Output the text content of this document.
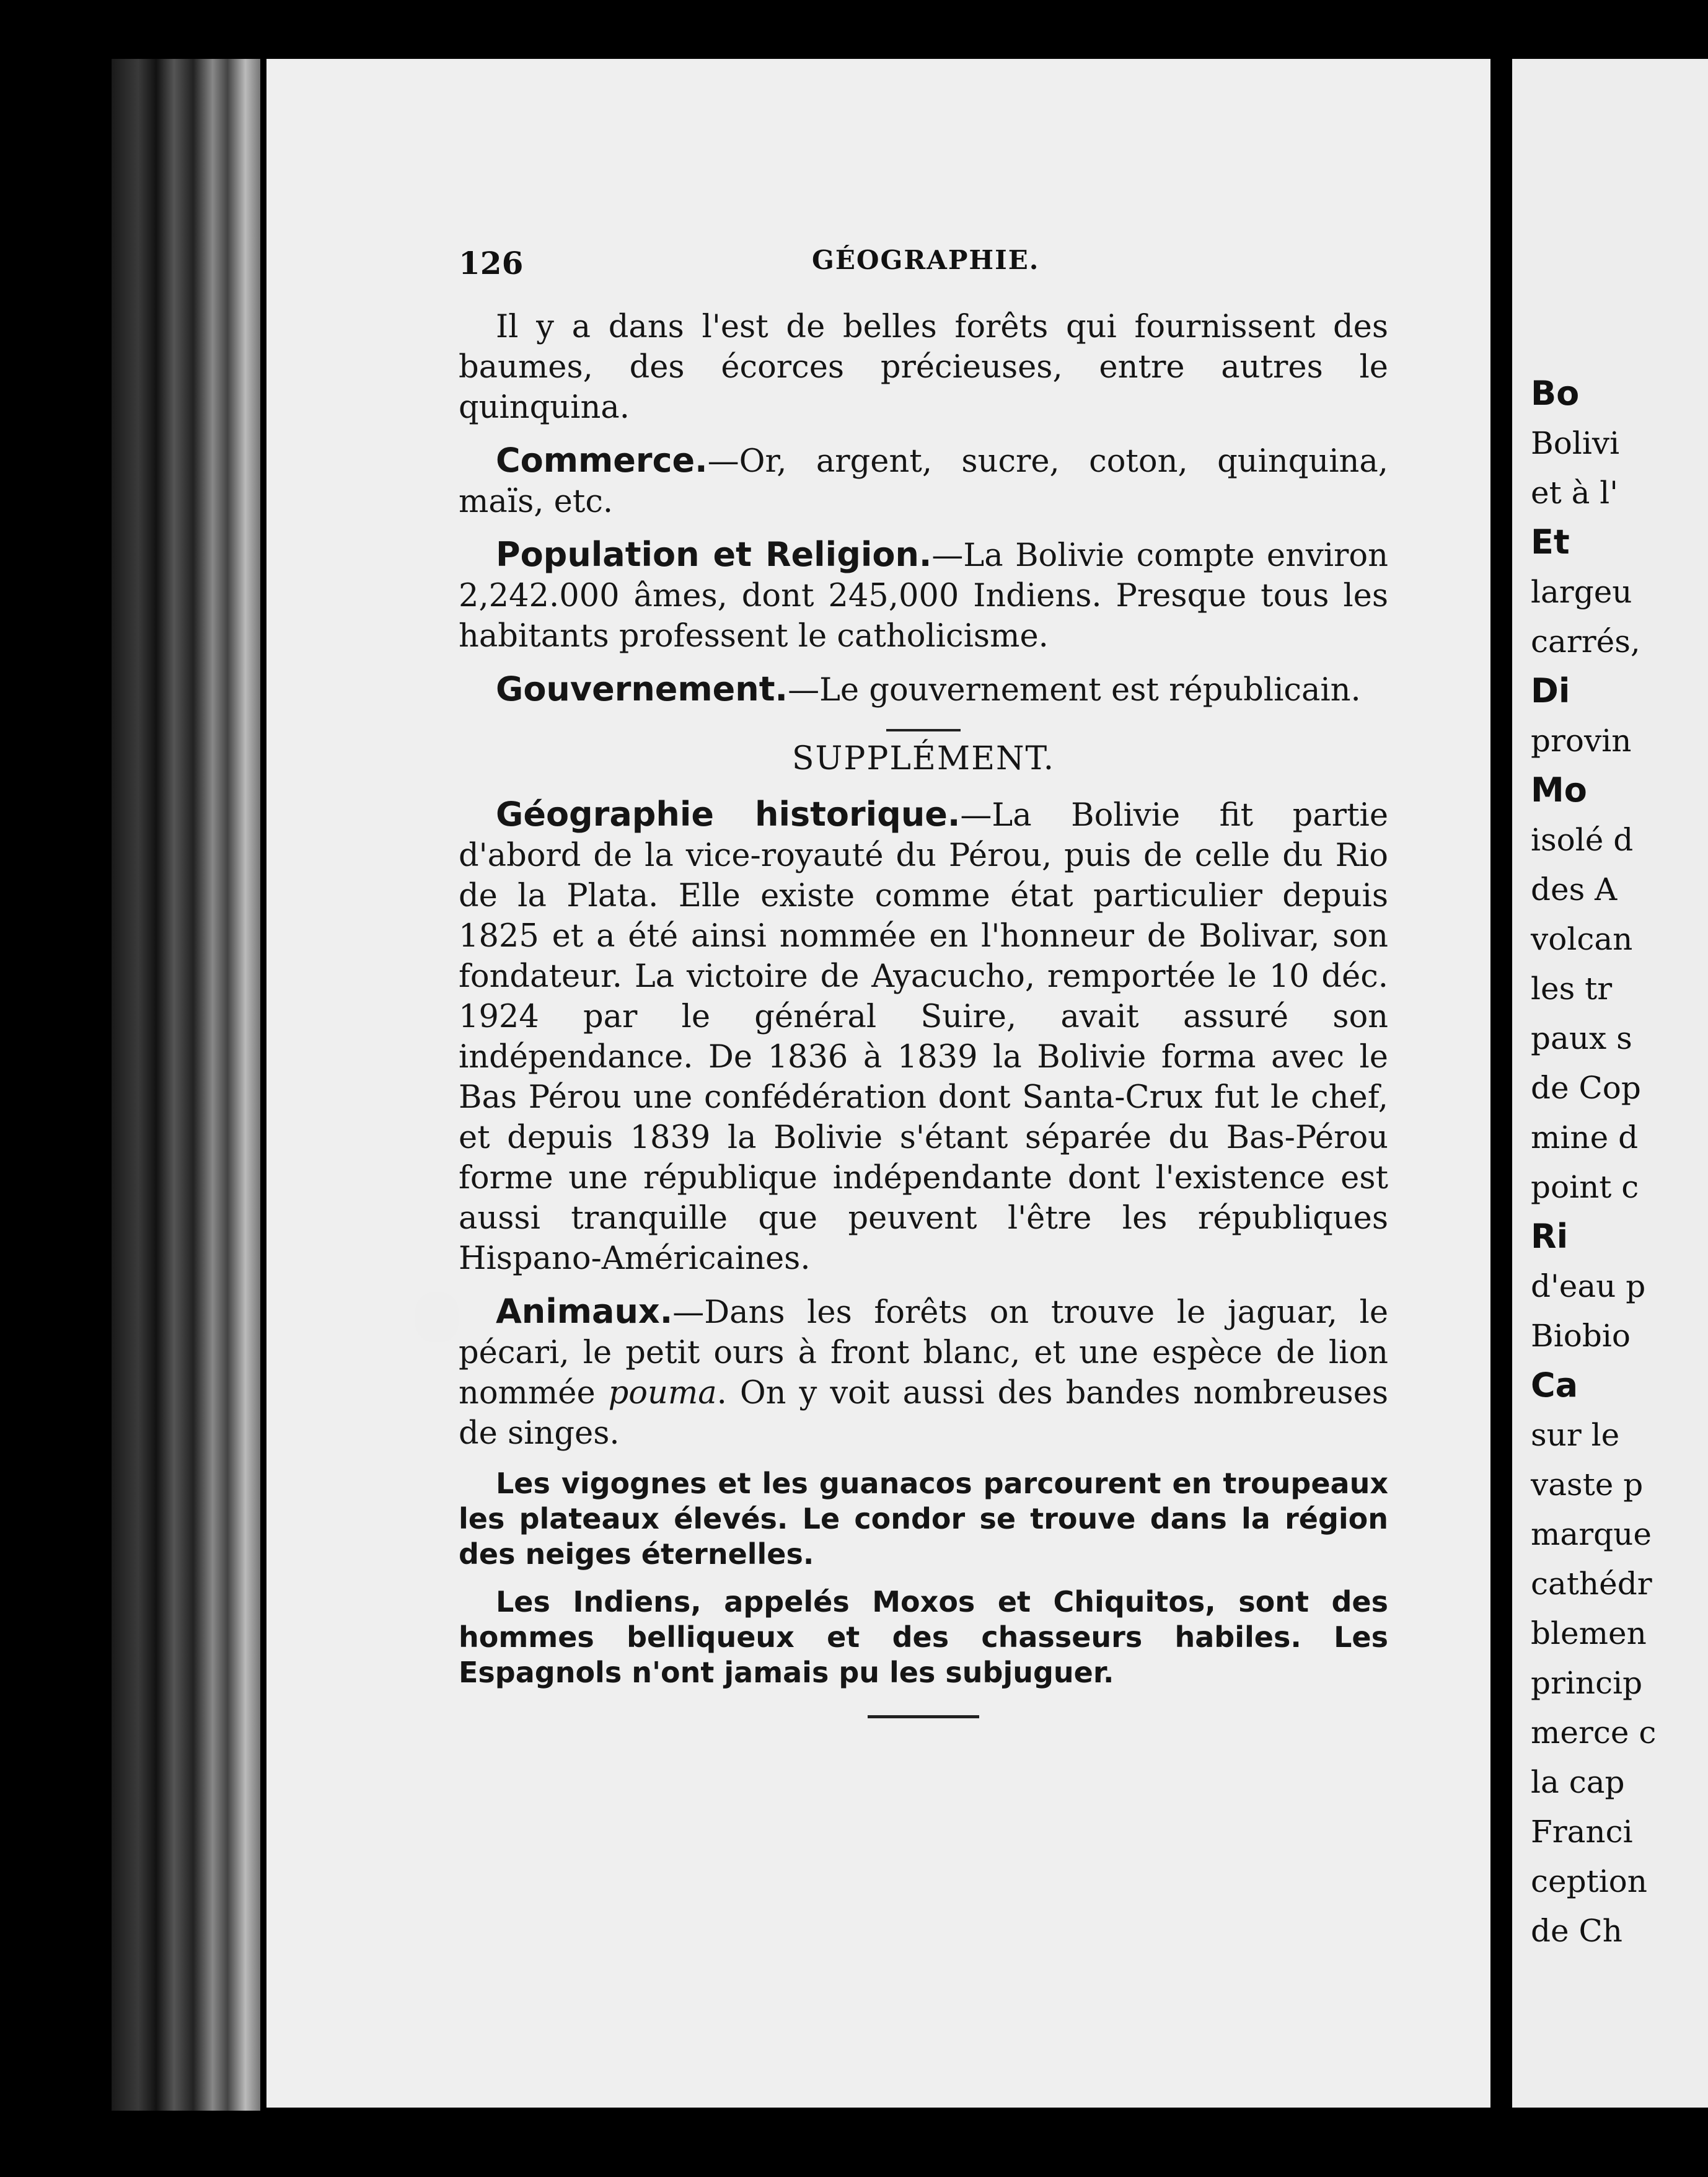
126	GÉOGRAPHIE.

Il y a dans l'est de belles forêts qui fournissent des baumes, des écorces précieuses, entre autres le quinquina.

Commerce.—Or, argent, sucre, coton, quinquina, maïs, etc.

Population et Religion.—La Bolivie compte environ 2,242.000 âmes, dont 245,000 Indiens. Presque tous les habitants professent le catholicisme.

Gouvernement.—Le gouvernement est républicain.

SUPPLÉMENT.

Géographie historique.—La Bolivie fit partie d'abord de la vice-royauté du Pérou, puis de celle du Rio de la Plata. Elle existe comme état particulier depuis 1825 et a été ainsi nommée en l'honneur de Bolivar, son fondateur. La victoire de Ayacucho, remportée le 10 déc. 1924 par le général Suire, avait assuré son indépendance. De 1836 à 1839 la Bolivie forma avec le Bas Pérou une confédération dont Santa-Crux fut le chef, et depuis 1839 la Bolivie s'étant séparée du Bas-Pérou forme une république indépendante dont l'existence est aussi tranquille que peuvent l'être les républiques Hispano-Américaines.

Animaux.—Dans les forêts on trouve le jaguar, le pécari, le petit ours à front blanc, et une espèce de lion nommée pouma. On y voit aussi des bandes nombreuses de singes.

Les vigognes et les guanacos parcourent en troupeaux les plateaux élevés. Le condor se trouve dans la région des neiges éternelles.

Les Indiens, appelés Moxos et Chiquitos, sont des hommes belliqueux et des chasseurs habiles. Les Espagnols n'ont jamais pu les subjuguer.

Bo
Bolivi
et à l'
Et
largeu
carrés,
Di
provin
Mo
isolé d
des A
volcan
les tr
paux s
de Cop
mine d
point c
Ri
d'eau p
Biobio
Ca
sur le
vaste p
marque
cathédr
blemen
princip
merce c
la cap
Franci
ception
de Ch
